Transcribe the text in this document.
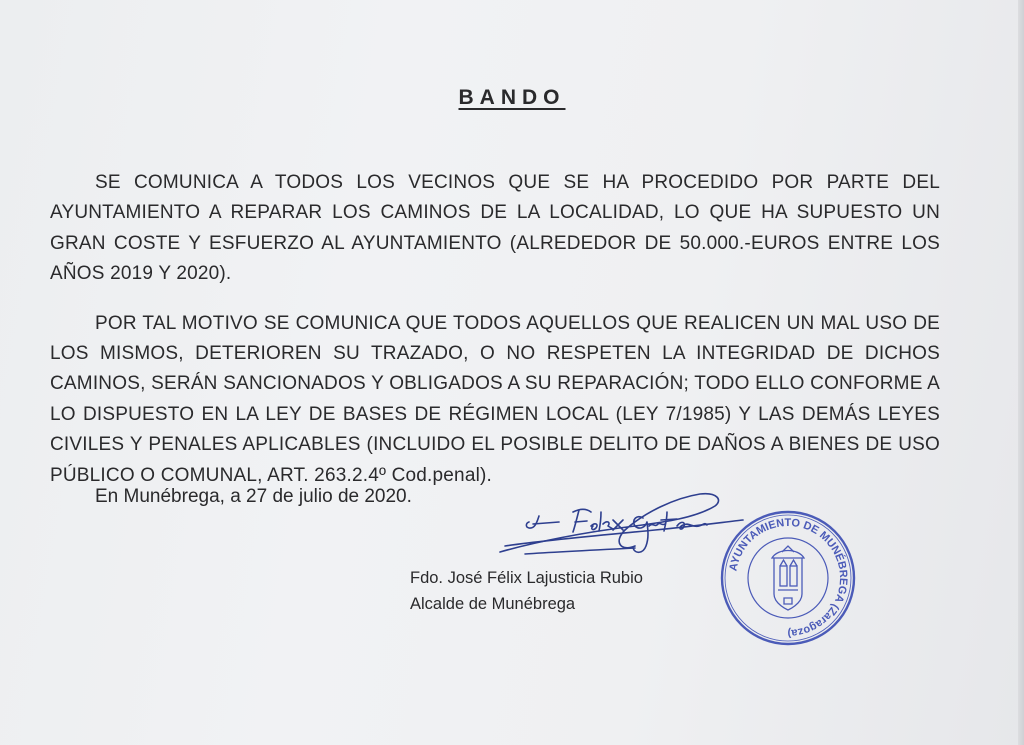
BANDO

SE COMUNICA A TODOS LOS VECINOS QUE SE HA PROCEDIDO POR PARTE DEL AYUNTAMIENTO A REPARAR LOS CAMINOS DE LA LOCALIDAD, LO QUE HA SUPUESTO UN GRAN COSTE Y ESFUERZO AL AYUNTAMIENTO (ALREDEDOR DE 50.000.-EUROS ENTRE LOS AÑOS 2019 Y 2020).

POR TAL MOTIVO SE COMUNICA QUE TODOS AQUELLOS QUE REALICEN UN MAL USO DE LOS MISMOS, DETERIOREN SU TRAZADO, O NO RESPETEN LA INTEGRIDAD DE DICHOS CAMINOS, SERÁN SANCIONADOS Y OBLIGADOS A SU REPARACIÓN; TODO ELLO CONFORME A LO DISPUESTO EN LA LEY DE BASES DE RÉGIMEN LOCAL (LEY 7/1985) Y LAS DEMÁS LEYES CIVILES Y PENALES APLICABLES (INCLUIDO EL POSIBLE DELITO DE DAÑOS A BIENES DE USO PÚBLICO O COMUNAL, ART. 263.2.4º Cod.penal).

En Munébrega, a 27 de julio de 2020.
Fdo. José Félix Lajusticia Rubio
Alcalde de Munébrega
AYUNTAMIENTO DE MUNÉBREGA (Zaragoza)
